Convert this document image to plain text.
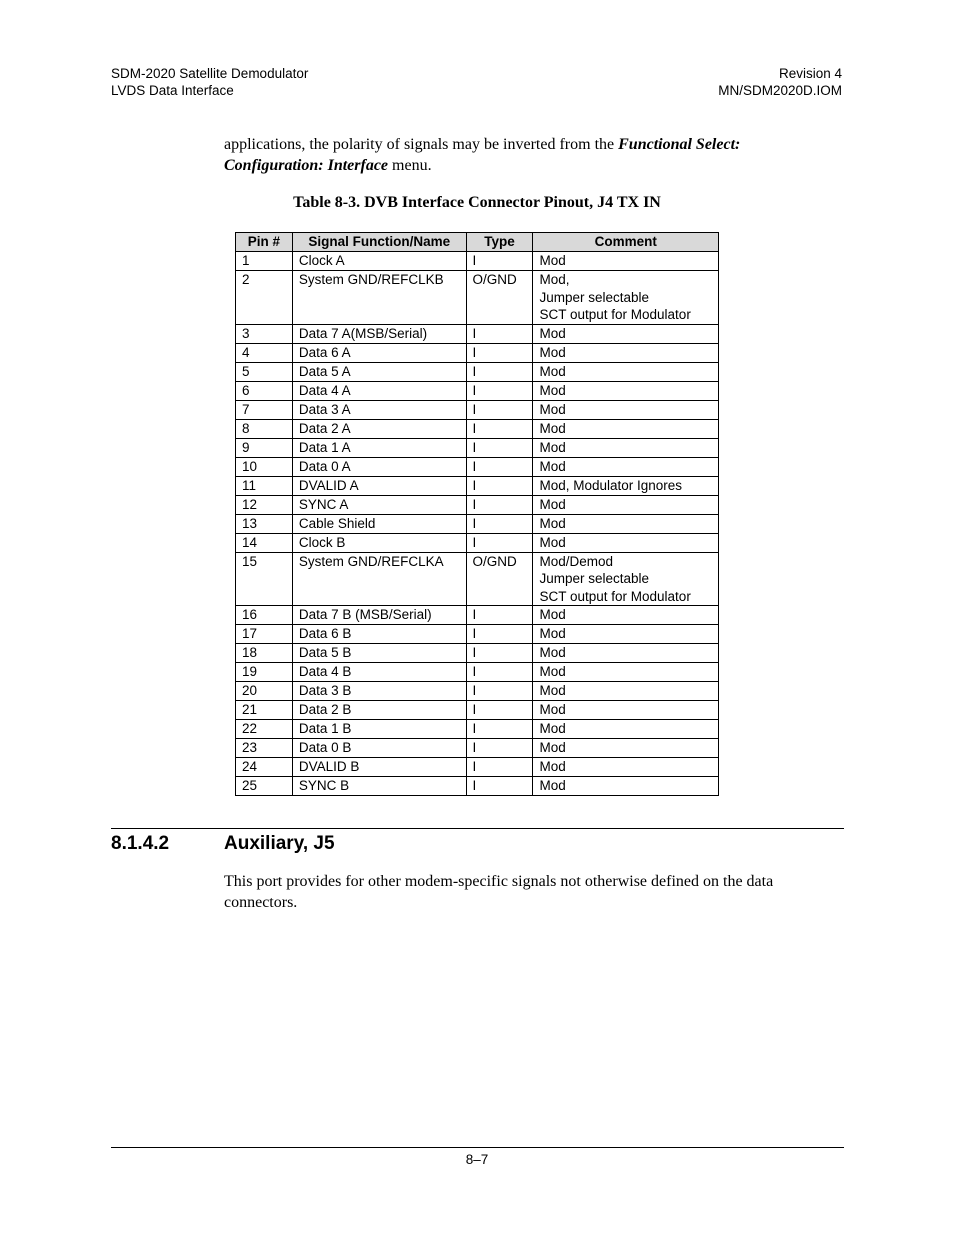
SDM-2020 Satellite Demodulator
LVDS Data Interface
Revision 4
MN/SDM2020D.IOM
applications, the polarity of signals may be inverted from the Functional Select: Configuration: Interface menu.
Table 8-3. DVB Interface Connector Pinout, J4 TX IN
Pin #	Signal Function/Name	Type	Comment
1	Clock A	I	Mod

2	System GND/REFCLKB	O/GND	Mod,
Jumper selectable
SCT output for Modulator

3	Data 7 A(MSB/Serial)	I	Mod

4	Data 6 A	I	Mod

5	Data 5 A	I	Mod

6	Data 4 A	I	Mod

7	Data 3 A	I	Mod

8	Data 2 A	I	Mod

9	Data 1 A	I	Mod

10	Data 0 A	I	Mod

11	DVALID A	I	Mod, Modulator Ignores

12	SYNC A	I	Mod

13	Cable Shield	I	Mod

14	Clock B	I	Mod

15	System GND/REFCLKA	O/GND	Mod/Demod
Jumper selectable
SCT output for Modulator

16	Data 7 B (MSB/Serial)	I	Mod

17	Data 6 B	I	Mod

18	Data 5 B	I	Mod

19	Data 4 B	I	Mod

20	Data 3 B	I	Mod

21	Data 2 B	I	Mod

22	Data 1 B	I	Mod

23	Data 0 B	I	Mod

24	DVALID B	I	Mod

25	SYNC B	I	Mod
8.1.4.2	Auxiliary, J5
This port provides for other modem-specific signals not otherwise defined on the data connectors.
8–7
